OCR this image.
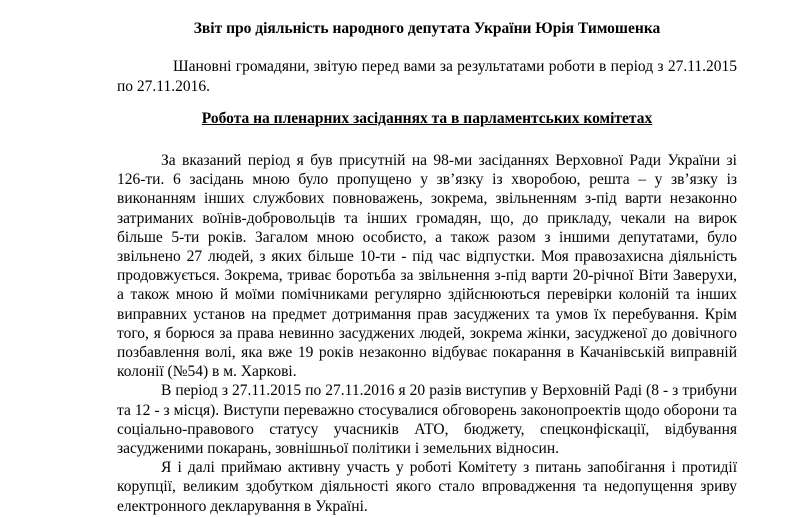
Звіт про діяльність народного депутата України Юрія Тимошенка
Шановні громадяни, звітую перед вами за результатами роботи в період з 27.11.2015 по 27.11.2016.
Робота на пленарних засіданнях та в парламентських комітетах

За вказаний період я був присутній на 98-ми засіданнях Верховної Ради України зі 126-ти. 6 засідань мною було пропущено у зв’язку із хворобою, решта – у зв’язку із виконанням інших службових повноважень, зокрема, звільненням з-під варти незаконно затриманих воїнів-добровольців та інших громадян, що, до прикладу, чекали на вирок більше 5-ти років. Загалом мною особисто, а також разом з іншими депутатами, було звільнено 27 людей, з яких більше 10-ти - під час відпустки. Моя правозахисна діяльність продовжується. Зокрема, триває боротьба за звільнення з-під варти 20-річної Віти Заверухи, а також мною й моїми помічниками регулярно здійснюються перевірки колоній та інших виправних установ на предмет дотримання прав засуджених та умов їх перебування. Крім того, я борюся за права невинно засуджених людей, зокрема жінки, засудженої до довічного позбавлення волі, яка вже 19 років незаконно відбуває покарання в Качанівській виправній колонії (№54) в м. Харкові.

В період з 27.11.2015 по 27.11.2016 я 20 разів виступив у Верховній Раді (8 - з трибуни та 12 - з місця). Виступи переважно стосувалися обговорень законопроектів щодо оборони та соціально-правового статусу учасників АТО, бюджету, спецконфіскації, відбування засудженими покарань, зовнішньої політики і земельних відносин.

Я і далі приймаю активну участь у роботі Комітету з питань запобігання і протидії корупції, великим здобутком діяльності якого стало впровадження та недопущення зриву електронного декларування в Україні.
